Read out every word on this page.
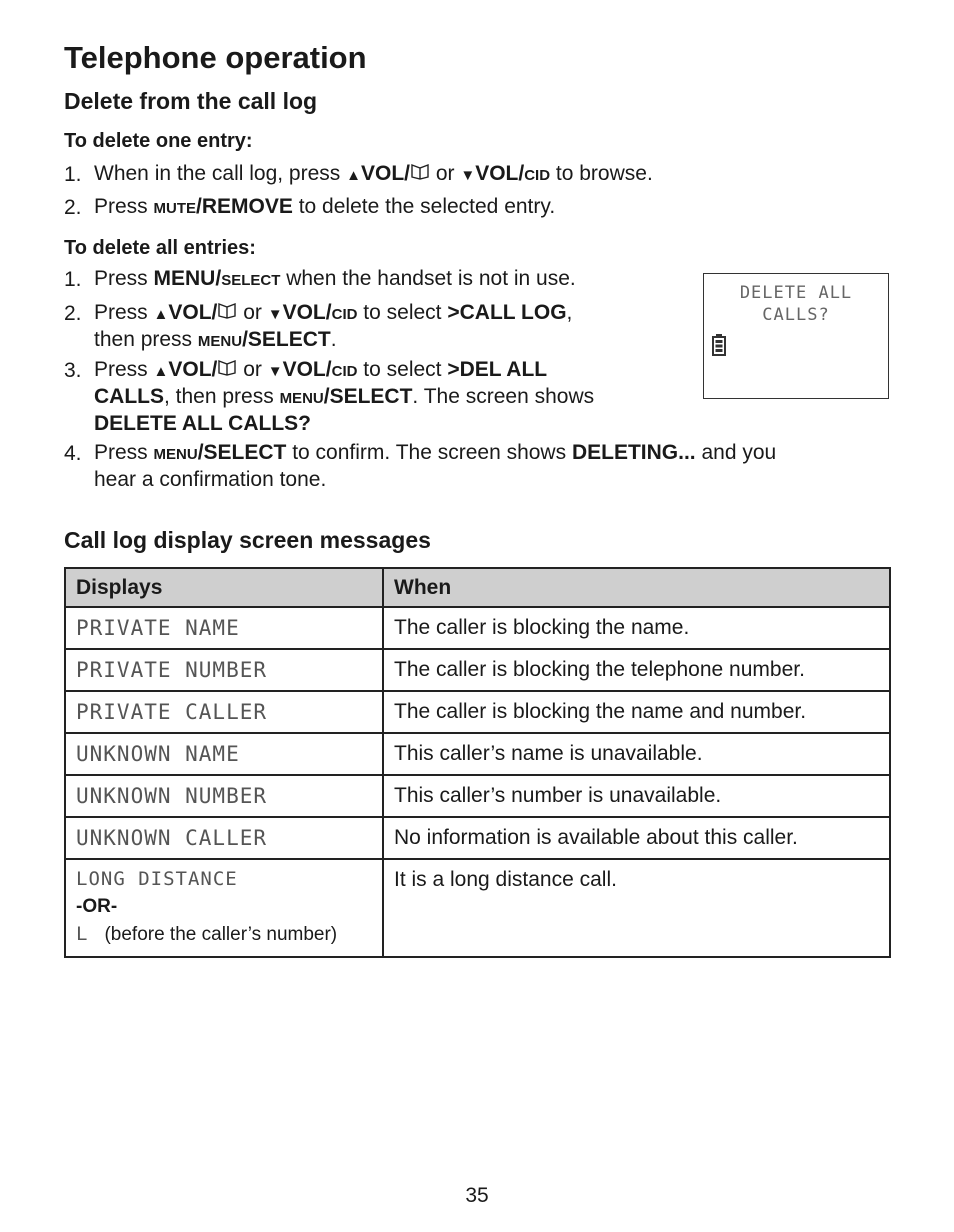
Telephone operation
Delete from the call log
To delete one entry:
1. When in the call log, press ▲VOL/ or ▼VOL/CID to browse.
2. Press MUTE/REMOVE to delete the selected entry.
To delete all entries:
1. Press MENU/SELECT when the handset is not in use.
2. Press ▲VOL/ or ▼VOL/CID to select >CALL LOG,
then press MENU/SELECT.
3. Press ▲VOL/ or ▼VOL/CID to select >DEL ALL
CALLS, then press MENU/SELECT. The screen shows
DELETE ALL CALLS?
4. Press MENU/SELECT to confirm. The screen shows DELETING... and you
hear a confirmation tone.
DELETE ALL
CALLS?
Call log display screen messages
Displays	When
PRIVATE NAME	The caller is blocking the name.
PRIVATE NUMBER	The caller is blocking the telephone number.
PRIVATE CALLER	The caller is blocking the name and number.
UNKNOWN NAME	This caller’s name is unavailable.
UNKNOWN NUMBER	This caller’s number is unavailable.
UNKNOWN CALLER	No information is available about this caller.

LONG DISTANCE
-OR-
L (before the caller’s number)	It is a long distance call.
35
